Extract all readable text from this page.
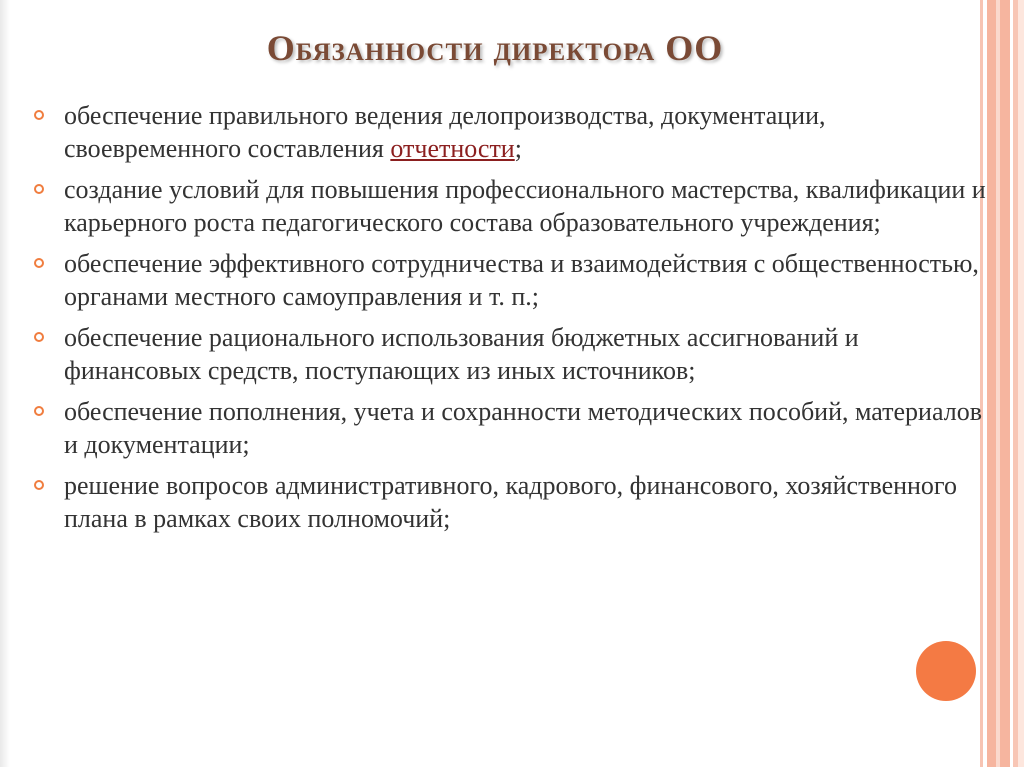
Обязанности директора ОО
обеспечение правильного ведения делопроизводства, документации, своевременного составления отчетности;
создание условий для повышения профессионального мастерства, квалификации и карьерного роста педагогического состава образовательного учреждения;
обеспечение эффективного сотрудничества и взаимодействия с общественностью, органами местного самоуправления и т. п.;
обеспечение рационального использования бюджетных ассигнований и финансовых средств, поступающих из иных источников;
обеспечение пополнения, учета и сохранности методических пособий, материалов и документации;
решение вопросов административного, кадрового, финансового, хозяйственного плана в рамках своих полномочий;
